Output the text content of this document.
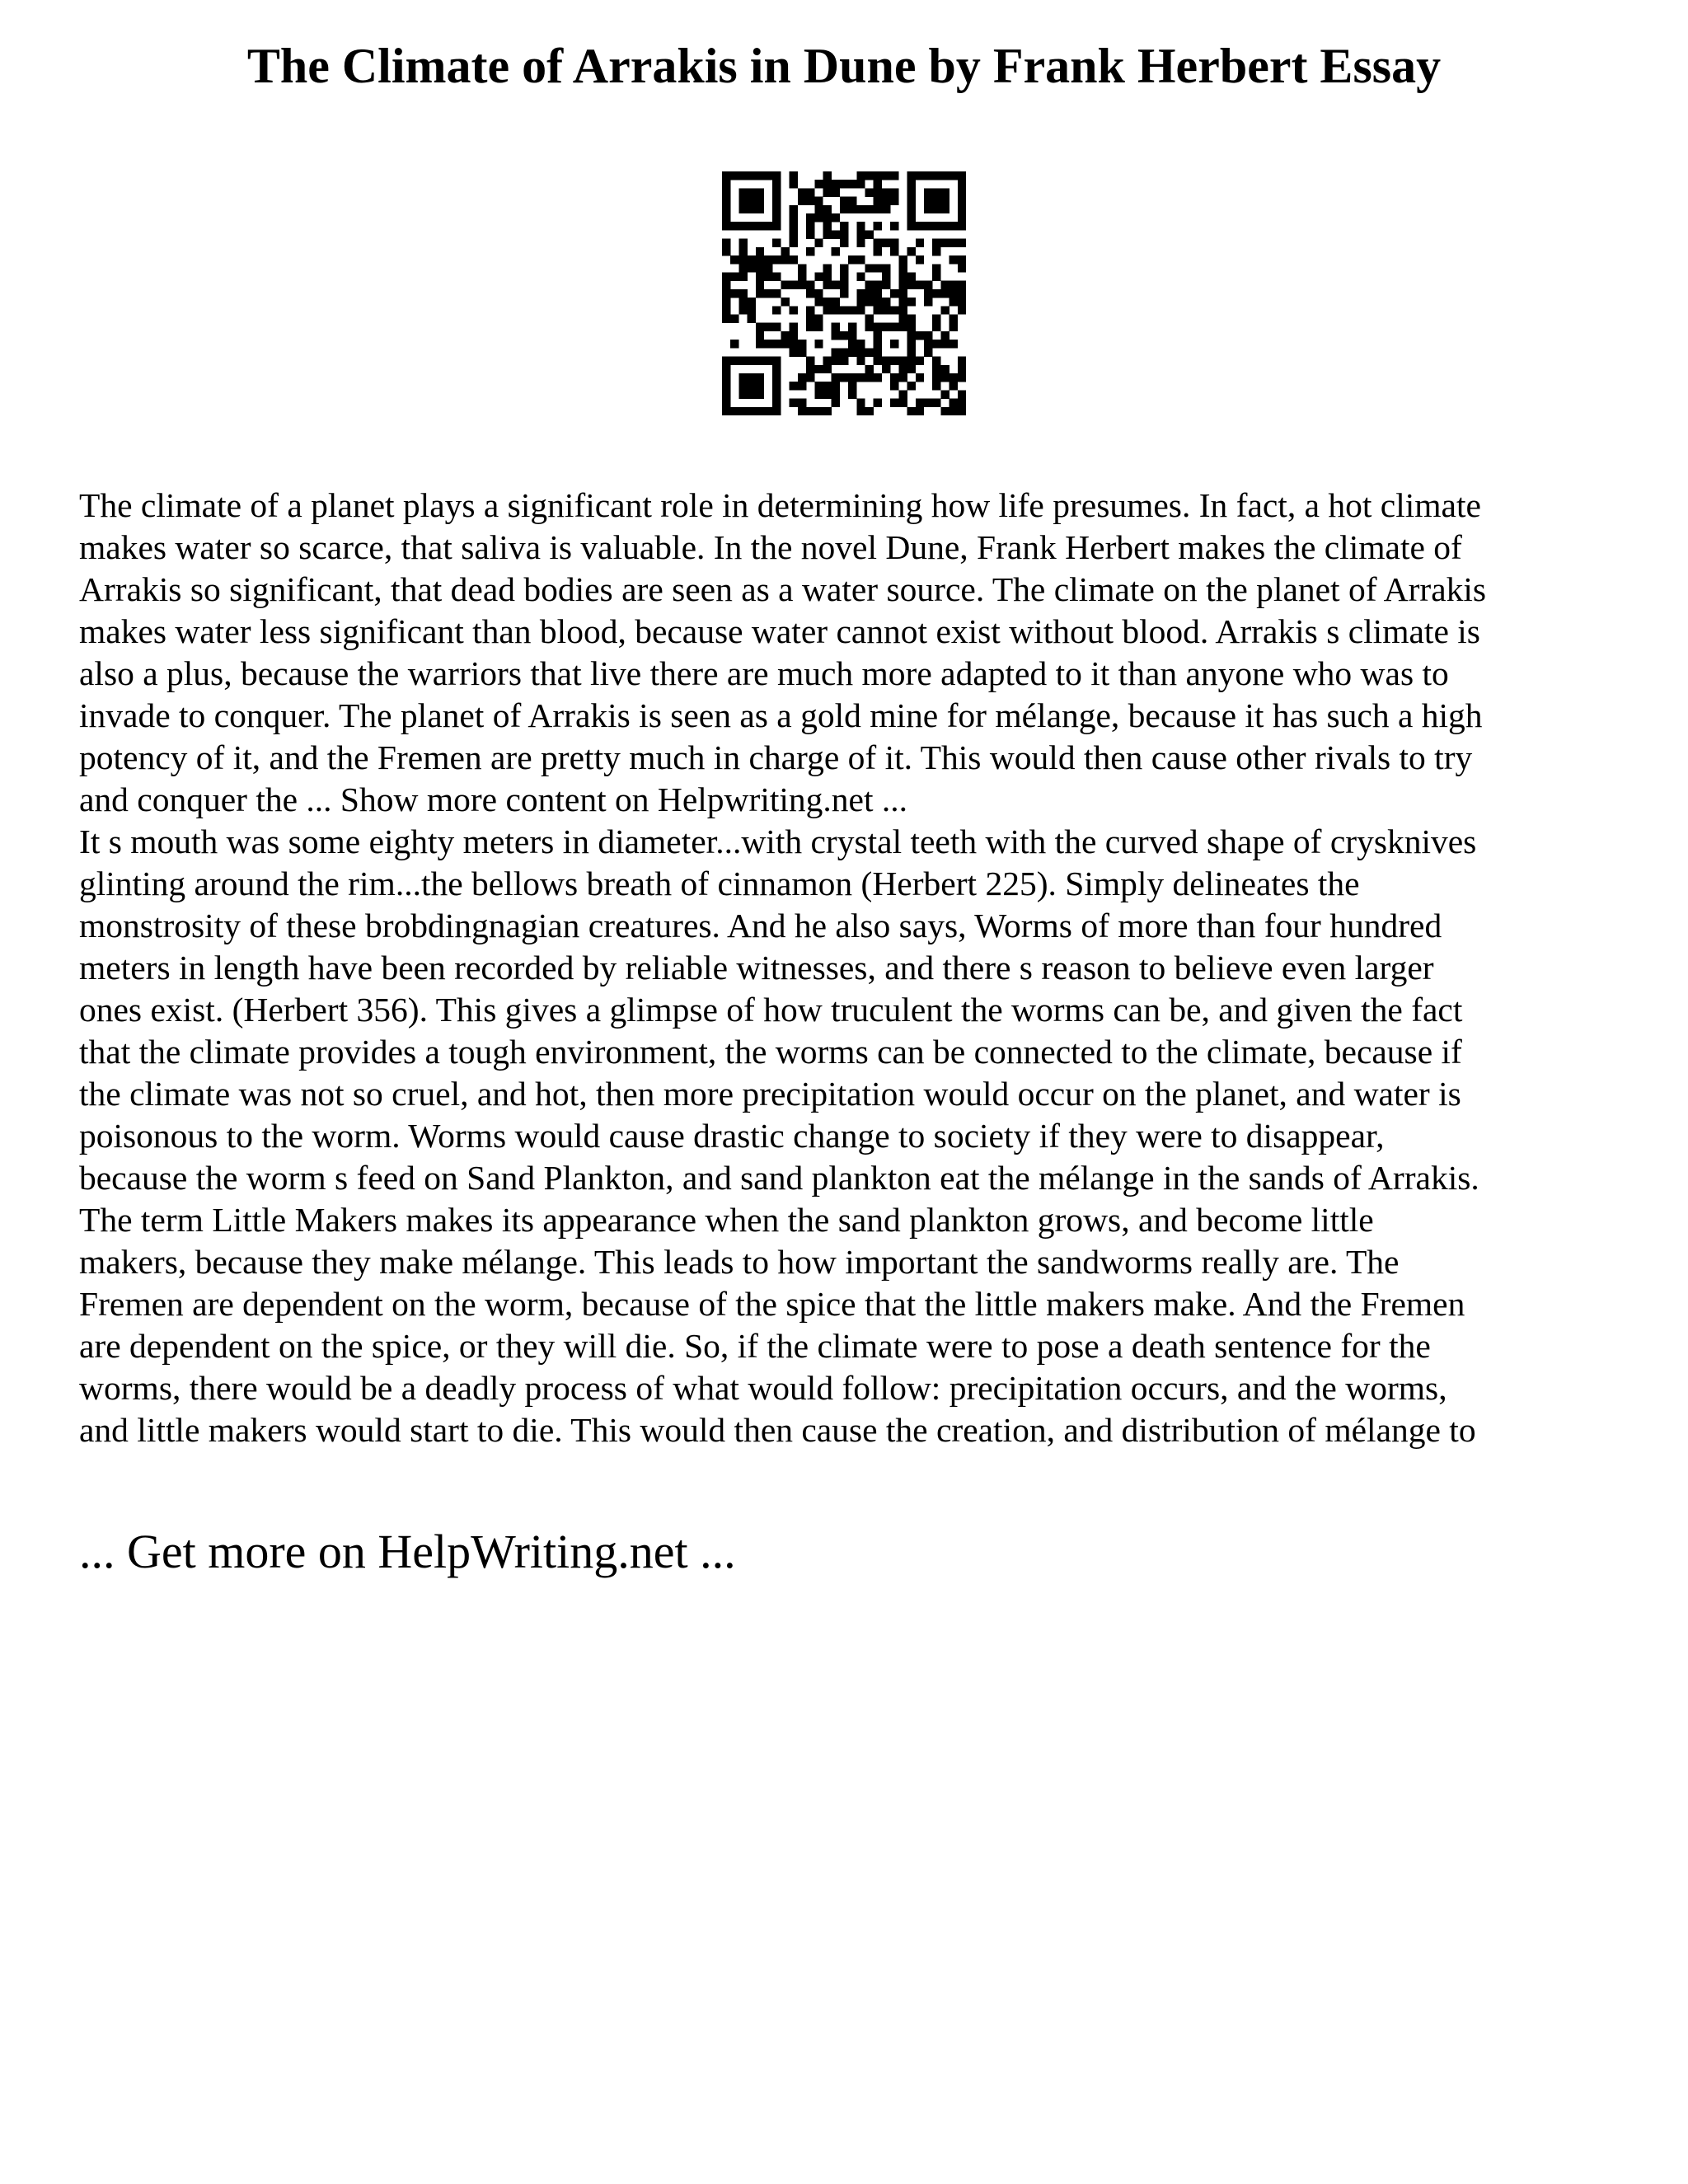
The Climate of Arrakis in Dune by Frank Herbert Essay
The climate of a planet plays a significant role in determining how life presumes. In fact, a hot climate
makes water so scarce, that saliva is valuable. In the novel Dune, Frank Herbert makes the climate of
Arrakis so significant, that dead bodies are seen as a water source. The climate on the planet of Arrakis
makes water less significant than blood, because water cannot exist without blood. Arrakis s climate is
also a plus, because the warriors that live there are much more adapted to it than anyone who was to
invade to conquer. The planet of Arrakis is seen as a gold mine for mélange, because it has such a high
potency of it, and the Fremen are pretty much in charge of it. This would then cause other rivals to try
and conquer the ... Show more content on Helpwriting.net ...
It s mouth was some eighty meters in diameter...with crystal teeth with the curved shape of crysknives
glinting around the rim...the bellows breath of cinnamon (Herbert 225). Simply delineates the
monstrosity of these brobdingnagian creatures. And he also says, Worms of more than four hundred
meters in length have been recorded by reliable witnesses, and there s reason to believe even larger
ones exist. (Herbert 356). This gives a glimpse of how truculent the worms can be, and given the fact
that the climate provides a tough environment, the worms can be connected to the climate, because if
the climate was not so cruel, and hot, then more precipitation would occur on the planet, and water is
poisonous to the worm. Worms would cause drastic change to society if they were to disappear,
because the worm s feed on Sand Plankton, and sand plankton eat the mélange in the sands of Arrakis.
The term Little Makers makes its appearance when the sand plankton grows, and become little
makers, because they make mélange. This leads to how important the sandworms really are. The
Fremen are dependent on the worm, because of the spice that the little makers make. And the Fremen
are dependent on the spice, or they will die. So, if the climate were to pose a death sentence for the
worms, there would be a deadly process of what would follow: precipitation occurs, and the worms,
and little makers would start to die. This would then cause the creation, and distribution of mélange to
... Get more on HelpWriting.net ...
